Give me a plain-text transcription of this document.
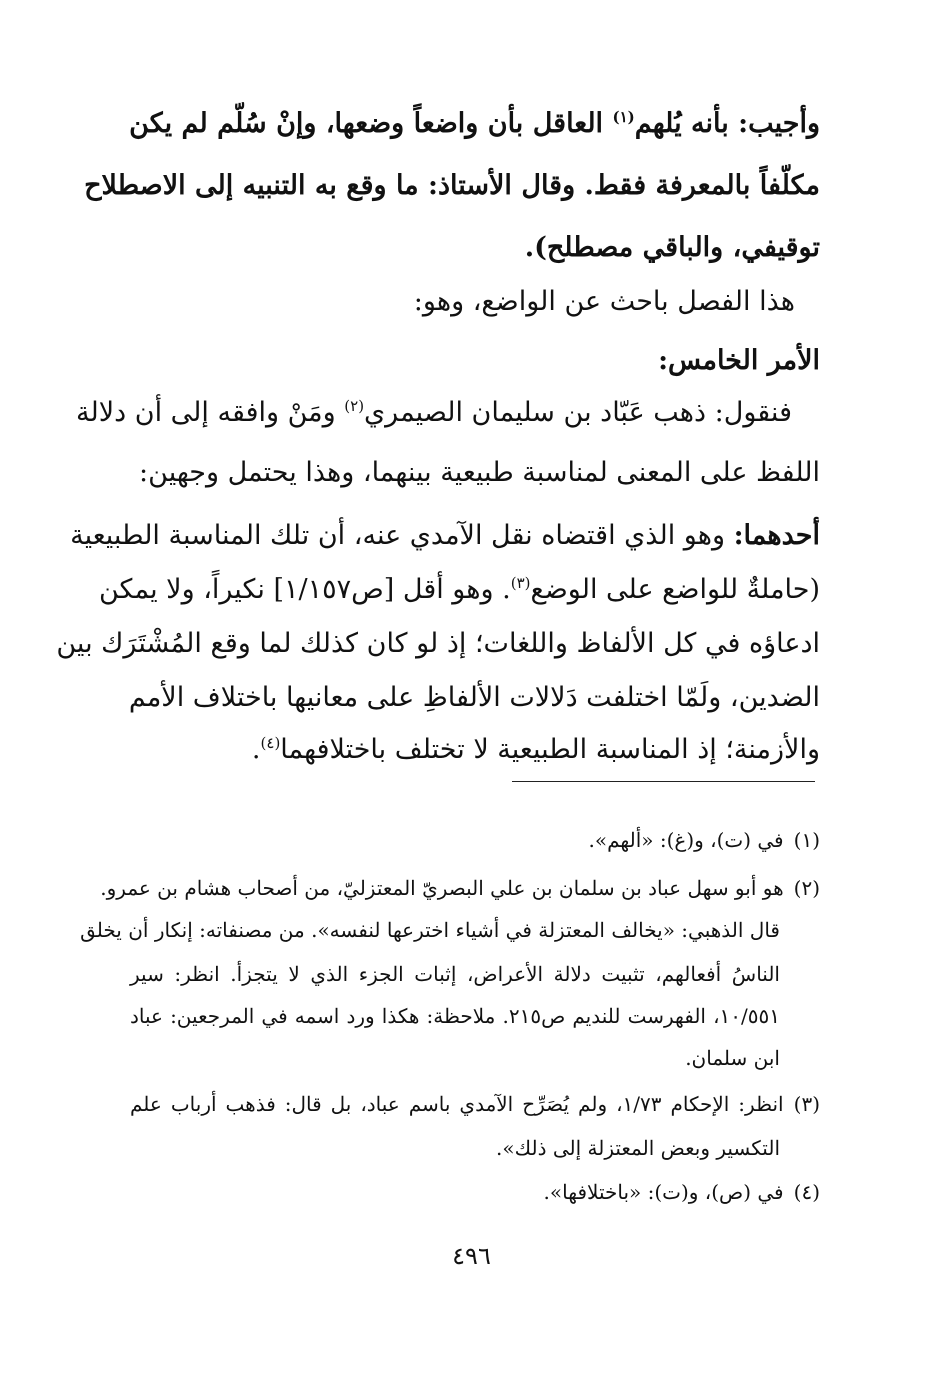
وأجيب: بأنه يُلهم$^{(١)}$ العاقل بأن واضعاً وضعها، وإنْ سُلّم لم يكن
مكلّفاً بالمعرفة فقط. وقال الأستاذ: ما وقع به التنبيه إلى الاصطلاح
توقيفي، والباقي مصطلح).
هذا الفصل باحث عن الواضع، وهو:
الأمر الخامس:
فنقول: ذهب عَبّاد بن سليمان الصيمري$^{(٢)}$ ومَنْ وافقه إلى أن دلالة
اللفظ على المعنى لمناسبة طبيعية بينهما، وهذا يحتمل وجهين:
أحدهما: وهو الذي اقتضاه نقل الآمدي عنه، أن تلك المناسبة الطبيعية
(حاملةٌ للواضع على الوضع$^{(٣)}$. وهو أقل [ص١/١٥٧] نكيراً، ولا يمكن
ادعاؤه في كل الألفاظ واللغات؛ إذ لو كان كذلك لما وقع المُشْتَرَك بين
الضدين، ولَمّا اختلفت دَلالات الألفاظِ على معانيها باختلاف الأمم
والأزمنة؛ إذ المناسبة الطبيعية لا تختلف باختلافهما$^{(٤)}$.
(١)في (ت)، و(غ): «ألهم».
(٢)هو أبو سهل عباد بن سلمان بن علي البصريّ المعتزليّ، من أصحاب هشام بن عمرو.
قال الذهبي: «يخالف المعتزلة في أشياء اخترعها لنفسه». من مصنفاته: إنكار أن يخلق
الناسُ أفعالهم، تثبيت دلالة الأعراض، إثبات الجزء الذي لا يتجزأ. انظر: سير
١٠/٥٥١، الفهرست للنديم ص٢١٥. ملاحظة: هكذا ورد اسمه في المرجعين: عباد
ابن سلمان.
(٣)انظر: الإحكام ١/٧٣، ولم يُصَرِّح الآمدي باسم عباد، بل قال: فذهب أرباب علم
التكسير وبعض المعتزلة إلى ذلك».
(٤)في (ص)، و(ت): «باختلافها».
٤٩٦
